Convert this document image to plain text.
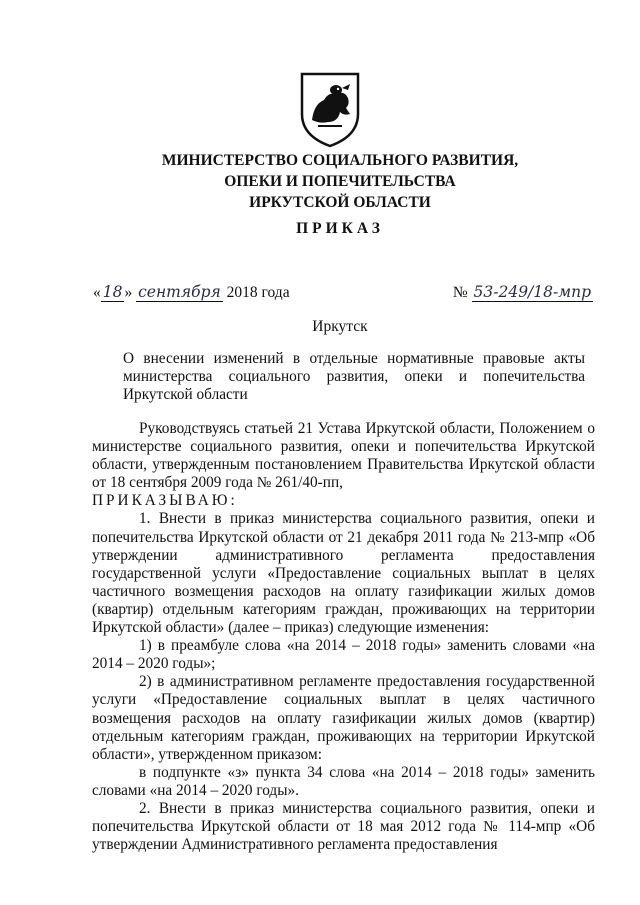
МИНИСТЕРСТВО СОЦИАЛЬНОГО РАЗВИТИЯ,
ОПЕКИ И ПОПЕЧИТЕЛЬСТВА
ИРКУТСКОЙ ОБЛАСТИ
ПРИКАЗ
« 18 » сентября 2018 года	№ 53-249/18-мпр
Иркутск
О внесении изменений в отдельные нормативные правовые акты министерства социального развития, опеки и попечительства Иркутской области

Руководствуясь статьей 21 Устава Иркутской области, Положением о министерстве социального развития, опеки и попечительства Иркутской области, утвержденным постановлением Правительства Иркутской области от 18 сентября 2009 года № 261/40-пп,

ПРИКАЗЫВАЮ:

1. Внести в приказ министерства социального развития, опеки и попечительства Иркутской области от 21 декабря 2011 года № 213-мпр «Об утверждении административного регламента предоставления государственной услуги «Предоставление социальных выплат в целях частичного возмещения расходов на оплату газификации жилых домов (квартир) отдельным категориям граждан, проживающих на территории Иркутской области» (далее – приказ) следующие изменения:

1) в преамбуле слова «на 2014 – 2018 годы» заменить словами «на 2014 – 2020 годы»;

2) в административном регламенте предоставления государственной услуги «Предоставление социальных выплат в целях частичного возмещения расходов на оплату газификации жилых домов (квартир) отдельным категориям граждан, проживающих на территории Иркутской области», утвержденном приказом:

в подпункте «з» пункта 34 слова «на 2014 – 2018 годы» заменить словами «на 2014 – 2020 годы».

2. Внести в приказ министерства социального развития, опеки и попечительства Иркутской области от 18 мая 2012 года № 114-мпр «Об утверждении Административного регламента предоставления
